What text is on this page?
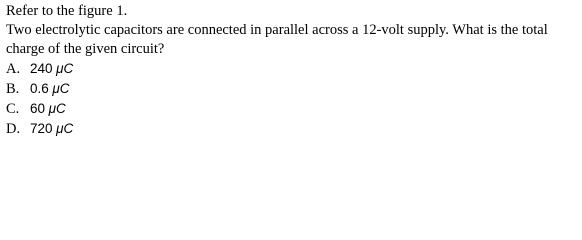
Refer to the figure 1.
Two electrolytic capacitors are connected in parallel across a 12-volt supply. What is the total charge of the given circuit?
A. 240 μC
B. 0.6 μC
C. 60 μC
D. 720 μC
